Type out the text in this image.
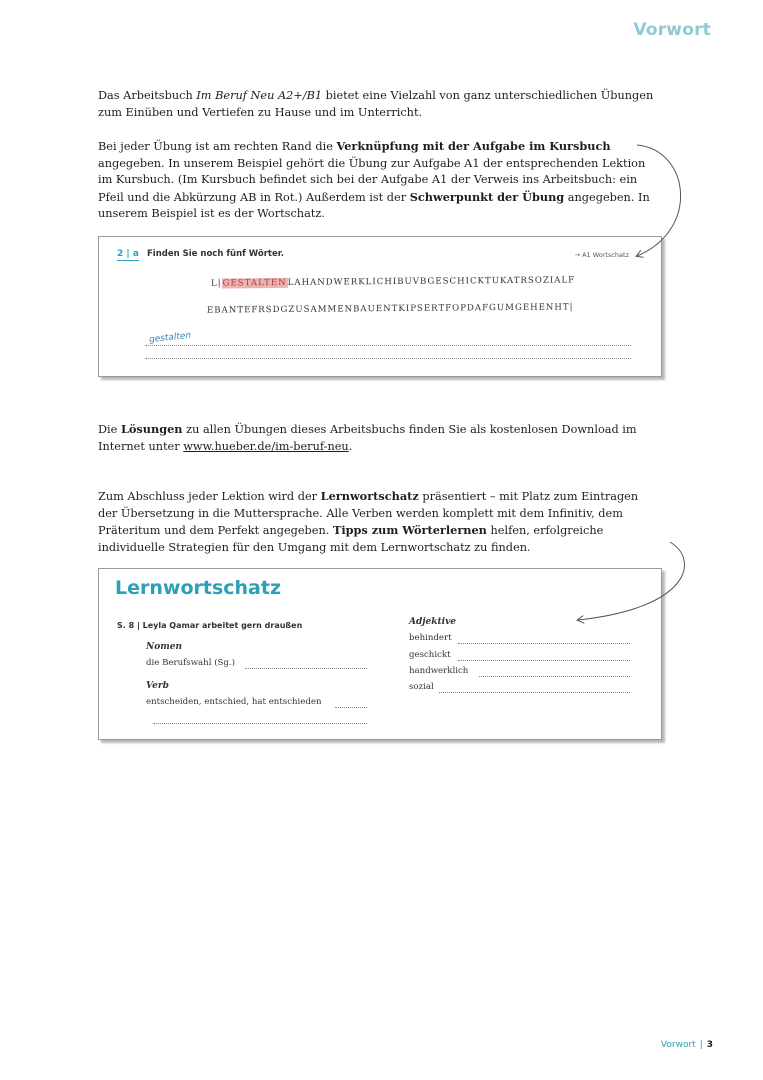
Vorwort

Das Arbeitsbuch Im Beruf Neu A2+/B1 bietet eine Vielzahl von ganz unterschiedlichen Übungen zum Einüben und Vertiefen zu Hause und im Unterricht.

Bei jeder Übung ist am rechten Rand die Verknüpfung mit der Aufgabe im Kursbuch angegeben. In unserem Beispiel gehört die Übung zur Aufgabe A1 der entsprechenden Lektion im Kursbuch. (Im Kursbuch befindet sich bei der Aufgabe A1 der Verweis ins Arbeitsbuch: ein Pfeil und die Abkürzung AB in Rot.) Außerdem ist der Schwerpunkt der Übung angegeben. In unserem Beispiel ist es der Wortschatz.

2 | a Finden Sie noch fünf Wörter.	→ A1 Wortschatz
L|GESTALTENLAHANDWERKLICHIBUVBGESCHICKTUKATRSOZIALF
EBANTEFRSDGZUSAMMENBAUENTKIPSERTFOPDAFGUMGEHENHT|
gestalten

Die Lösungen zu allen Übungen dieses Arbeitsbuchs finden Sie als kostenlosen Download im Internet unter www.hueber.de/im-beruf-neu.

Zum Abschluss jeder Lektion wird der Lernwortschatz präsentiert – mit Platz zum Eintragen der Übersetzung in die Muttersprache. Alle Verben werden komplett mit dem Infinitiv, dem Präteritum und dem Perfekt angegeben. Tipps zum Wörterlernen helfen, erfolgreiche individuelle Strategien für den Umgang mit dem Lernwortschatz zu finden.

Lernwortschatz
S. 8 | Leyla Qamar arbeitet gern draußen
Nomen
die Berufswahl (Sg.)
Verb
entscheiden, entschied, hat entschieden
Adjektive
behindert
geschickt
handwerklich
sozial
Vorwort | 3
